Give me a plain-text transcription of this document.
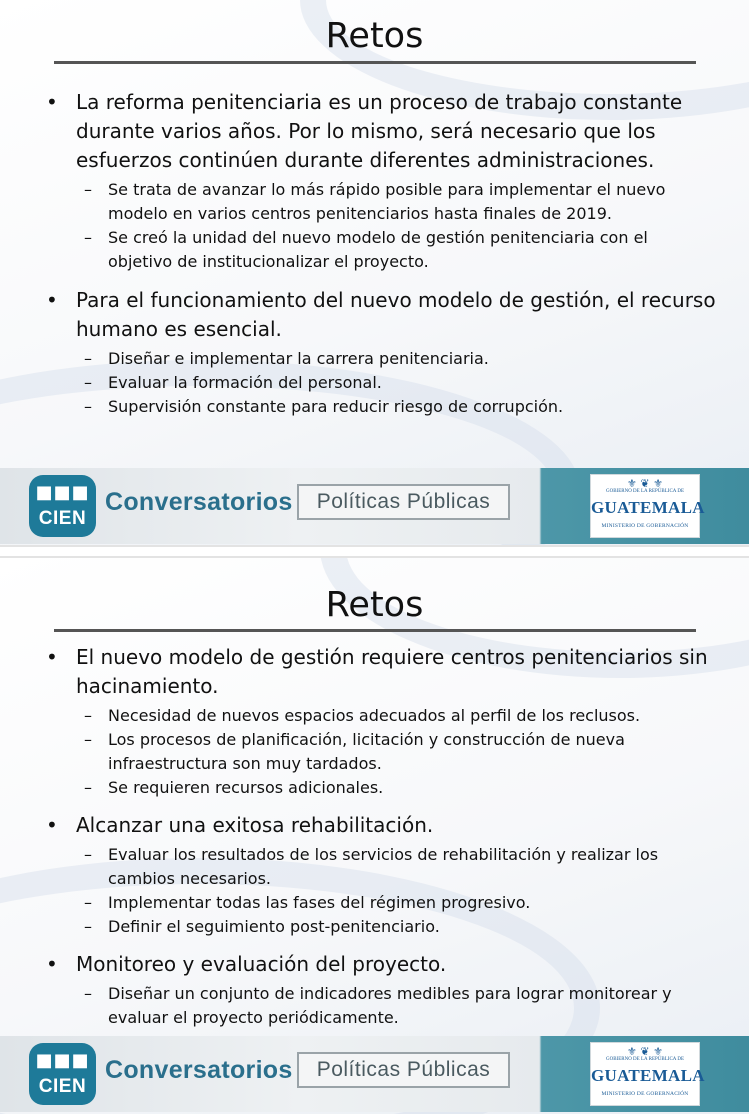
Retos
• La reforma penitenciaria es un proceso de trabajo constante durante varios años. Por lo mismo, será necesario que los esfuerzos continúen durante diferentes administraciones.
– Se trata de avanzar lo más rápido posible para implementar el nuevo modelo en varios centros penitenciarios hasta finales de 2019.
– Se creó la unidad del nuevo modelo de gestión penitenciaria con el objetivo de institucionalizar el proyecto.
• Para el funcionamiento del nuevo modelo de gestión, el recurso humano es esencial.
– Diseñar e implementar la carrera penitenciaria.
– Evaluar la formación del personal.
– Supervisión constante para reducir riesgo de corrupción.
■■■
CIEN
Conversatorios	Políticas Públicas
⚜ ❦ ⚜
GOBIERNO DE LA REPÚBLICA DE
GUATEMALA
MINISTERIO DE GOBERNACIÓN
Retos
• El nuevo modelo de gestión requiere centros penitenciarios sin hacinamiento.
– Necesidad de nuevos espacios adecuados al perfil de los reclusos.
– Los procesos de planificación, licitación y construcción de nueva infraestructura son muy tardados.
– Se requieren recursos adicionales.
• Alcanzar una exitosa rehabilitación.
– Evaluar los resultados de los servicios de rehabilitación y realizar los cambios necesarios.
– Implementar todas las fases del régimen progresivo.
– Definir el seguimiento post-penitenciario.
• Monitoreo y evaluación del proyecto.
– Diseñar un conjunto de indicadores medibles para lograr monitorear y evaluar el proyecto periódicamente.
■■■
CIEN
Conversatorios	Políticas Públicas
⚜ ❦ ⚜
GOBIERNO DE LA REPÚBLICA DE
GUATEMALA
MINISTERIO DE GOBERNACIÓN
